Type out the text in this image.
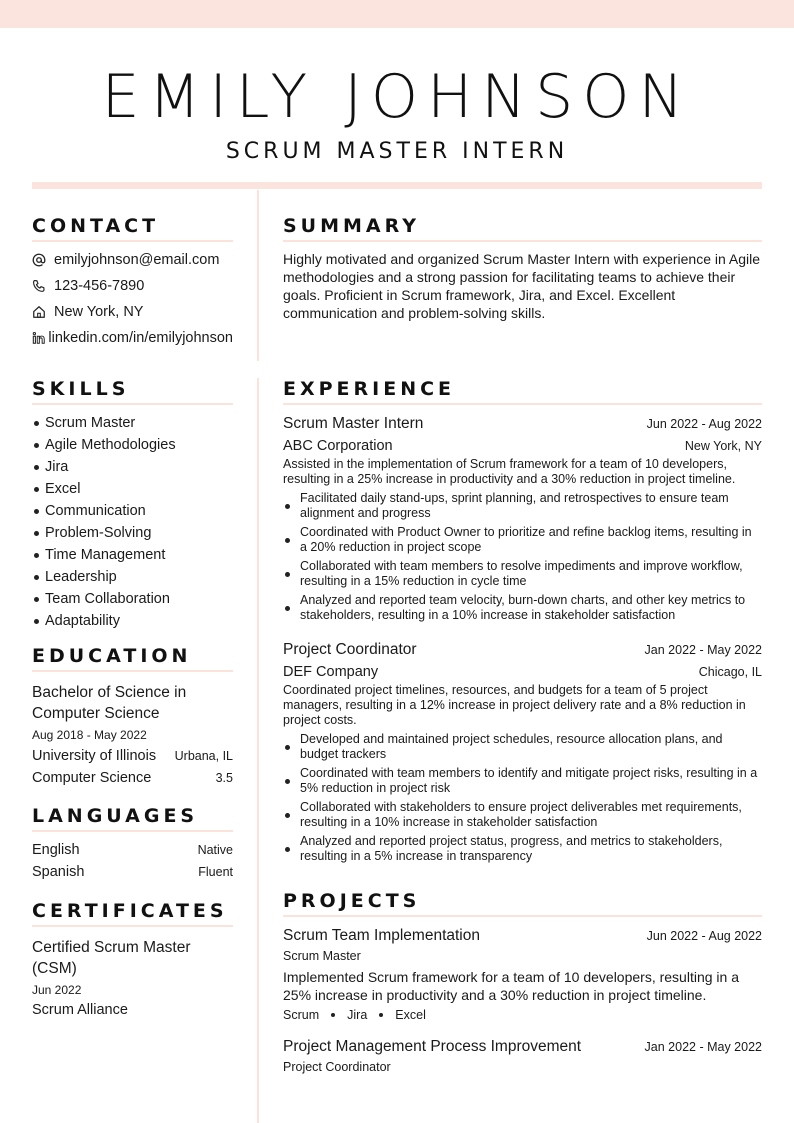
EMILY JOHNSON
SCRUM MASTER INTERN
CONTACT
emilyjohnson@email.com
123-456-7890
New York, NY
linkedin.com/in/emilyjohnson
SKILLS
Scrum Master
Agile Methodologies
Jira
Excel
Communication
Problem-Solving
Time Management
Leadership
Team Collaboration
Adaptability
EDUCATION
Bachelor of Science in Computer Science
Aug 2018 - May 2022
University of Illinois Urbana, IL
Computer Science	3.5
LANGUAGES
English	Native
Spanish	Fluent
CERTIFICATES
Certified Scrum Master (CSM)
Jun 2022
Scrum Alliance
SUMMARY
Highly motivated and organized Scrum Master Intern with experience in Agile methodologies and a strong passion for facilitating teams to achieve their goals. Proficient in Scrum framework, Jira, and Excel. Excellent communication and problem-solving skills.
EXPERIENCE
Scrum Master Intern	Jun 2022 - Aug 2022
ABC Corporation	New York, NY
Assisted in the implementation of Scrum framework for a team of 10 developers, resulting in a 25% increase in productivity and a 30% reduction in project timeline.
Facilitated daily stand-ups, sprint planning, and retrospectives to ensure team alignment and progress
Coordinated with Product Owner to prioritize and refine backlog items, resulting in a 20% reduction in project scope
Collaborated with team members to resolve impediments and improve workflow, resulting in a 15% reduction in cycle time
Analyzed and reported team velocity, burn-down charts, and other key metrics to stakeholders, resulting in a 10% increase in stakeholder satisfaction
Project Coordinator	Jan 2022 - May 2022
DEF Company	Chicago, IL
Coordinated project timelines, resources, and budgets for a team of 5 project managers, resulting in a 12% increase in project delivery rate and a 8% reduction in project costs.
Developed and maintained project schedules, resource allocation plans, and budget trackers
Coordinated with team members to identify and mitigate project risks, resulting in a 5% reduction in project risk
Collaborated with stakeholders to ensure project deliverables met requirements, resulting in a 10% increase in stakeholder satisfaction
Analyzed and reported project status, progress, and metrics to stakeholders, resulting in a 5% increase in transparency
PROJECTS
Scrum Team Implementation	Jun 2022 - Aug 2022
Scrum Master
Implemented Scrum framework for a team of 10 developers, resulting in a 25% increase in productivity and a 30% reduction in project timeline.
Scrum Jira Excel
Project Management Process Improvement	Jan 2022 - May 2022
Project Coordinator
